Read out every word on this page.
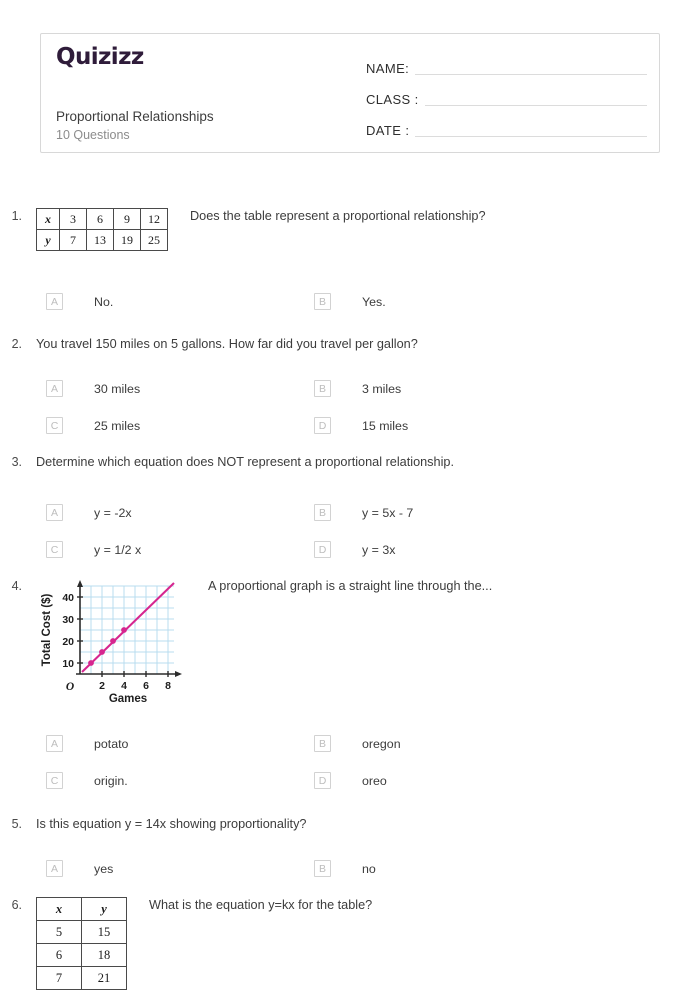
Quizizz
Proportional Relationships
10 Questions
NAME:
CLASS :
DATE :
1.	x	3	6	9	12
y	7	13	19	25
Does the table represent a proportional relationship?
A	No.	B	Yes.
2.	You travel 150 miles on 5 gallons. How far did you travel per gallon?
A	30 miles	B	3 miles
C	25 miles	D	15 miles
3.	Determine which equation does NOT represent a proportional relationship.
A	y = -2x	B	y = 5x - 7
C	y = 1/2 x	D	y = 3x
4.
10
20
30
40
2 4 6 8
O
Games
Total Cost ($)
A proportional graph is a straight line through the...
A	potato	B	oregon
C	origin.	D	oreo
5.	Is this equation y = 14x showing proportionality?
A	yes	B	no
6.	x	y
5	15
6	18
7	21
What is the equation y=kx for the table?
